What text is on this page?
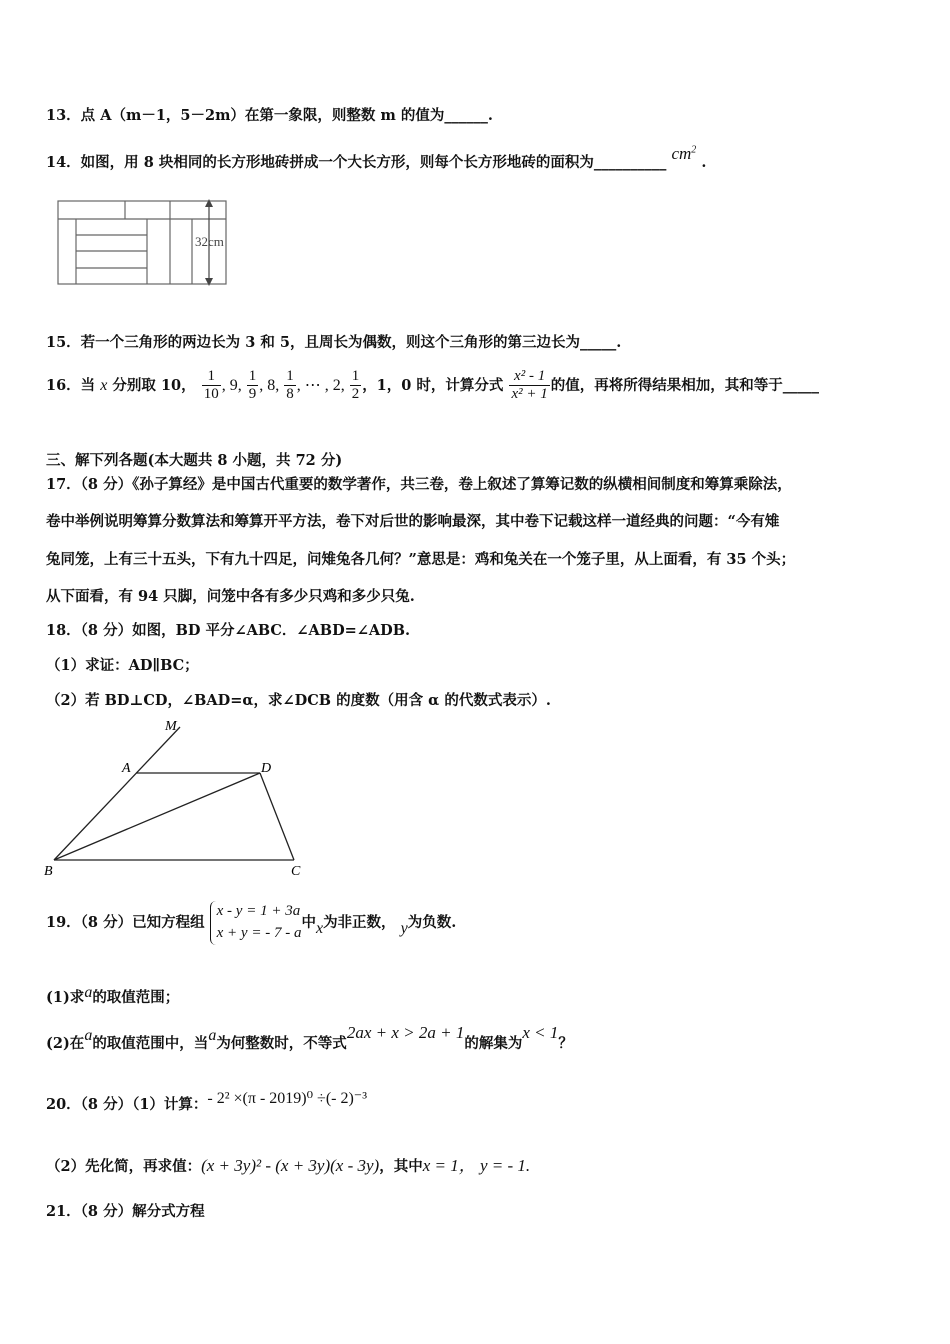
13．点 A（m－1，5－2m）在第一象限，则整数 m 的值为______.
14．如图，用 8 块相同的长方形地砖拼成一个大长方形，则每个长方形地砖的面积为__________ $cm^2$ .
32cm
15．若一个三角形的两边长为 3 和 5，且周长为偶数，则这个三角形的第三边长为_____.
16．当 x 分别取 10， $\frac{1}{10}$ , 9, $\frac{1}{9}$ , 8, $\frac{1}{8}$ , ⋯ , 2, $\frac{1}{2}$ ，1，0 时，计算分式 $\frac{\text{x² - 1}}{\text{x² + 1}}$ 的值，再将所得结果相加，其和等于_____
三、解下列各题(本大题共 8 小题，共 72 分)
17．（8 分）《孙子算经》是中国古代重要的数学著作，共三卷，卷上叙述了算筹记数的纵横相间制度和筹算乘除法，
卷中举例说明筹算分数算法和筹算开平方法，卷下对后世的影响最深，其中卷下记载这样一道经典的问题：“今有雉
兔同笼，上有三十五头，下有九十四足，问雉兔各几何？”意思是：鸡和兔关在一个笼子里，从上面看，有 35 个头；
从下面看，有 94 只脚，问笼中各有多少只鸡和多少只兔.
18．（8 分）如图，BD 平分∠ABC．∠ABD=∠ADB.
（1）求证：AD∥BC；
（2）若 BD⊥CD，∠BAD=α，求∠DCB 的度数（用含 α 的代数式表示）.
M
A	D
B	C
19．（8 分）已知方程组
x - y = 1 + 3a
x + y = - 7 - a
中x为非正数， y为负数.
(1)求a的取值范围；
(2)在a的取值范围中，当a为何整数时，不等式2ax + x > 2a + 1的解集为x < 1？
20．（8 分）（1）计算：- 2² ×(π - 2019)⁰ ÷(- 2)⁻³
（2）先化简，再求值：(x + 3y)² - (x + 3y)(x - 3y)，其中x = 1， y = - 1.
21．（8 分）解分式方程
